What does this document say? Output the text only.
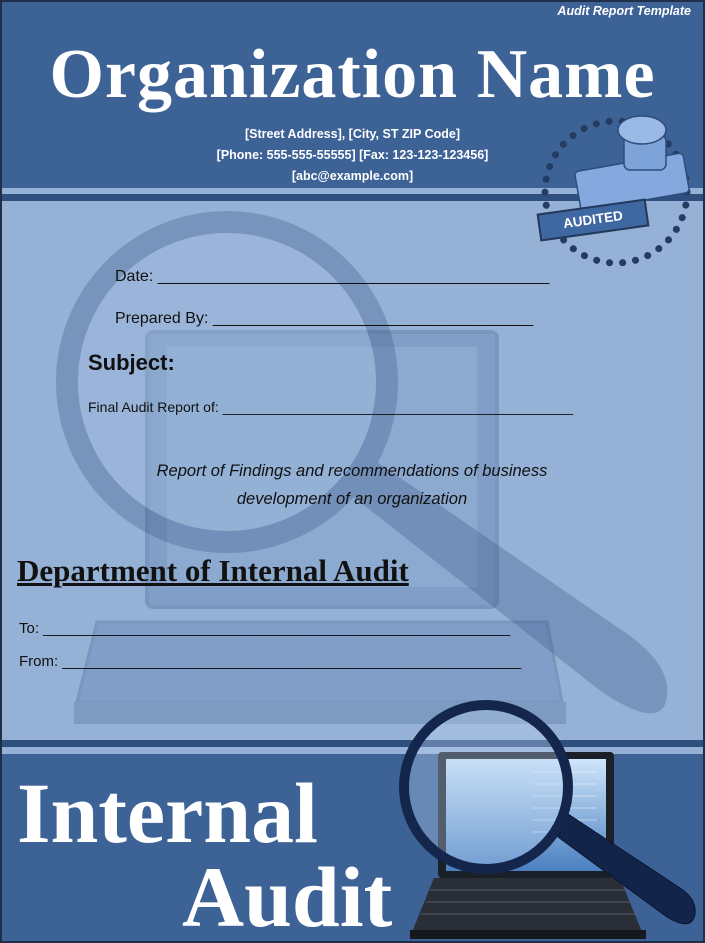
Audit Report Template
Organization Name
[Street Address], [City, ST ZIP Code]
[Phone: 555-555-55555] [Fax: 123-123-123456]
[abc@example.com]
AUDITED
Date: ____________________________________________
Prepared By: ____________________________________
Subject:
Final Audit Report of: _____________________________________________
Report of Findings and recommendations of business
development of an organization
Department of Internal Audit
To: ________________________________________________________
From: _______________________________________________________
Internal
Audit
